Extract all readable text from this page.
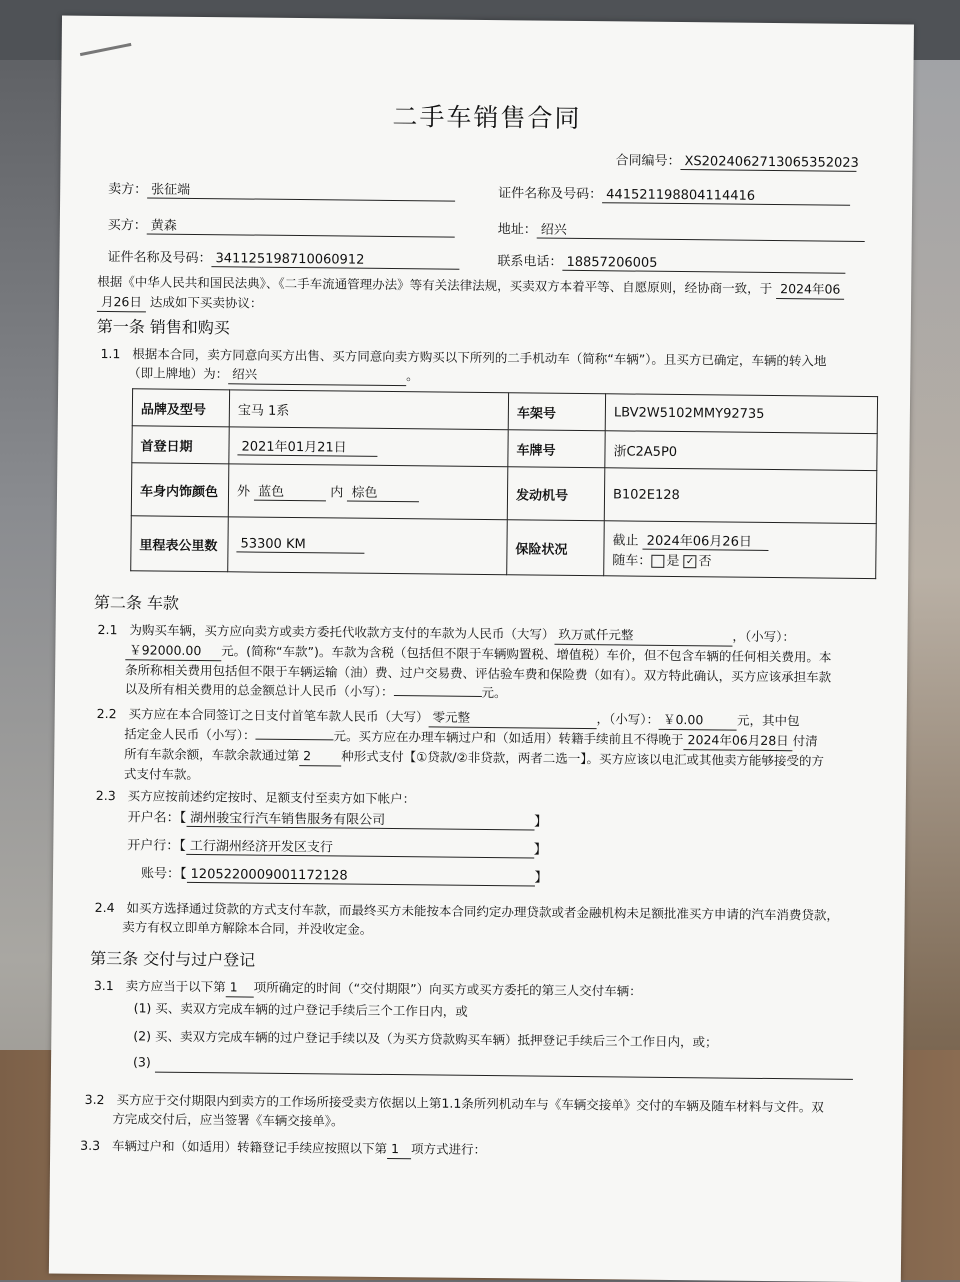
二手车销售合同
合同编号： XS2024062713065352023
卖方： 张征端	证件名称及号码： 441521198804114416
买方： 黄森	地址： 绍兴
证件名称及号码： 341125198710060912	联系电话： 18857206005
根据《中华人民共和国民法典》、《二手车流通管理办法》等有关法律法规，买卖双方本着平等、自愿原则，经协商一致，于 2024年06
月26日 达成如下买卖协议：
第一条 销售和购买
1.1 根据本合同，卖方同意向买方出售、买方同意向卖方购买以下所列的二手机动车（简称“车辆”）。且买方已确定，车辆的转入地
（即上牌地）为： 绍兴	。
品牌及型号	宝马 1系	车架号	LBV2W5102MMY92735
首登日期	2021年01月21日	车牌号	浙C2A5P0
车身内饰颜色	外 蓝色 内 棕色	发动机号	B102E128
里程表公里数	53300 KM	保险状况	截止 2024年06月26日
随车： 是 ✓ 否
第二条 车款
2.1 为购买车辆，买方应向卖方或卖方委托代收款方支付的车款为人民币（大写） 玖万贰仟元整	，（小写）：
￥92000.00 元。(简称“车款”)。车款为含税（包括但不限于车辆购置税、增值税）车价，但不包含车辆的任何相关费用。本
条所称相关费用包括但不限于车辆运输（油）费、过户交易费、评估验车费和保险费（如有）。双方特此确认，买方应该承担车款
以及所有相关费用的总金额总计人民币（小写）：	元。
2.2 买方应在本合同签订之日支付首笔车款人民币（大写） 零元整	，（小写）： ￥0.00	元，其中包
括定金人民币（小写）：	元。买方应在办理车辆过户和（如适用）转籍手续前且不得晚于 2024年06月28日 付清
所有车款余额，车款余款通过第 2 种形式支付【①贷款/②非贷款，两者二选一】。买方应该以电汇或其他卖方能够接受的方
式支付车款。
2.3 买方应按前述约定按时、足额支付至卖方如下帐户：
开户名：【 湖州骏宝行汽车销售服务有限公司	】
开户行：【 工行湖州经济开发区支行	】
账号：【 1205220009001172128	】
2.4 如买方选择通过贷款的方式支付车款，而最终买方未能按本合同约定办理贷款或者金融机构未足额批准买方申请的汽车消费贷款，
卖方有权立即单方解除本合同，并没收定金。
第三条 交付与过户登记
3.1 卖方应当于以下第 1 项所确定的时间（“交付期限”）向买方或买方委托的第三人交付车辆：
(1) 买、卖双方完成车辆的过户登记手续后三个工作日内，或
(2) 买、卖双方完成车辆的过户登记手续以及（为买方贷款购买车辆）抵押登记手续后三个工作日内，或；
(3)
3.2 买方应于交付期限内到卖方的工作场所接受卖方依据以上第1.1条所列机动车与《车辆交接单》交付的车辆及随车材料与文件。双
方完成交付后，应当签署《车辆交接单》。
3.3 车辆过户和（如适用）转籍登记手续应按照以下第 1 项方式进行：
